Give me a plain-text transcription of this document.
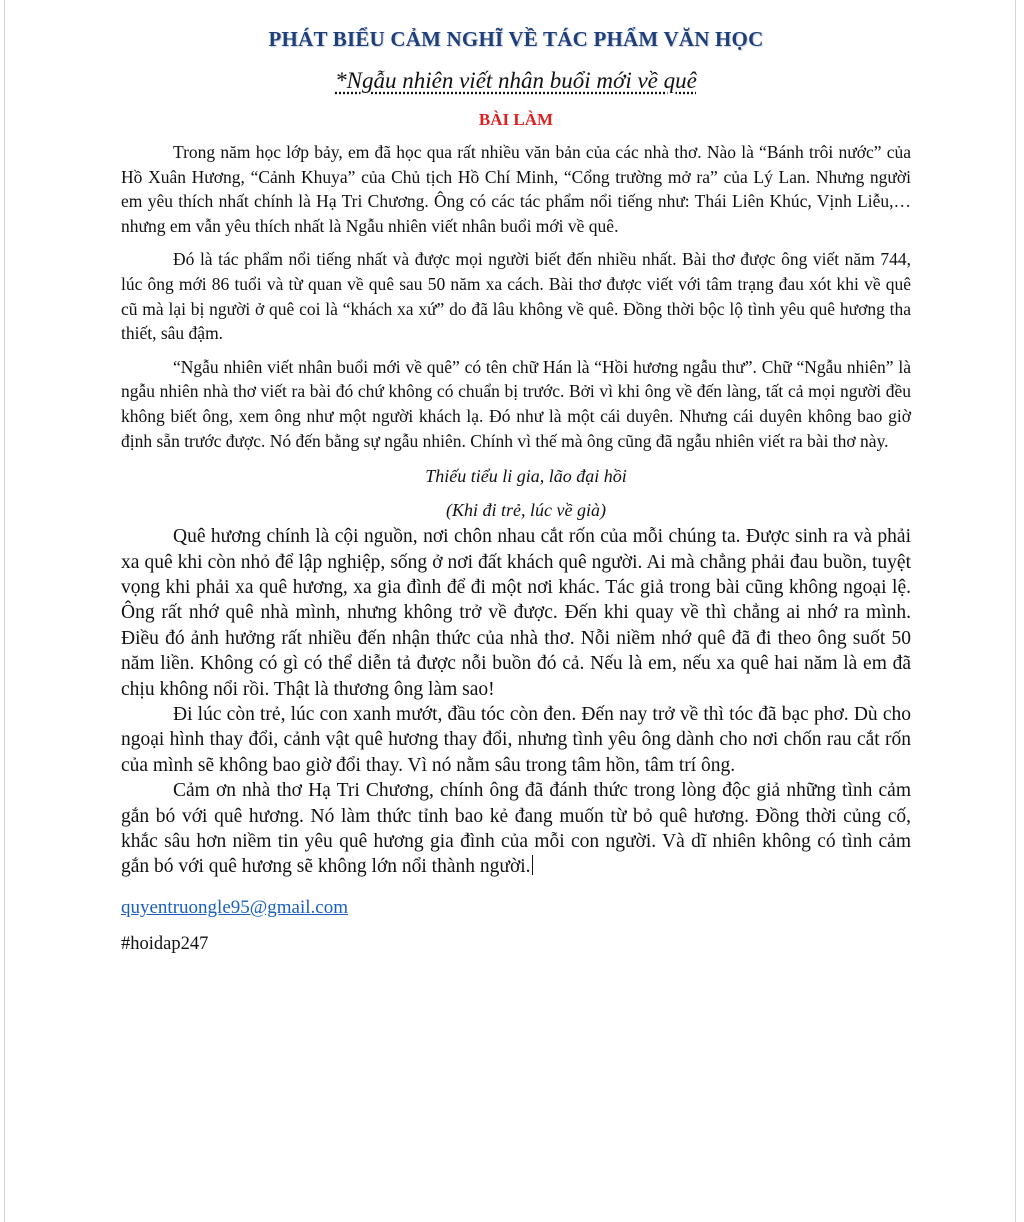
PHÁT BIỂU CẢM NGHĨ VỀ TÁC PHẨM VĂN HỌC
*Ngẫu nhiên viết nhân buổi mới về quê
BÀI LÀM

Trong năm học lớp bảy, em đã học qua rất nhiều văn bản của các nhà thơ. Nào là “Bánh trôi nước” của Hồ Xuân Hương, “Cảnh Khuya” của Chủ tịch Hồ Chí Minh, “Cổng trường mở ra” của Lý Lan. Nhưng người em yêu thích nhất chính là Hạ Tri Chương. Ông có các tác phẩm nổi tiếng như: Thái Liên Khúc, Vịnh Liễu,…nhưng em vẫn yêu thích nhất là Ngẫu nhiên viết nhân buổi mới về quê.

Đó là tác phẩm nổi tiếng nhất và được mọi người biết đến nhiều nhất. Bài thơ được ông viết năm 744, lúc ông mới 86 tuổi và từ quan về quê sau 50 năm xa cách. Bài thơ được viết với tâm trạng đau xót khi về quê cũ mà lại bị người ở quê coi là “khách xa xứ” do đã lâu không về quê. Đồng thời bộc lộ tình yêu quê hương tha thiết, sâu đậm.

“Ngẫu nhiên viết nhân buổi mới về quê” có tên chữ Hán là “Hồi hương ngẫu thư”. Chữ “Ngẫu nhiên” là ngẫu nhiên nhà thơ viết ra bài đó chứ không có chuẩn bị trước. Bởi vì khi ông về đến làng, tất cả mọi người đều không biết ông, xem ông như một người khách lạ. Đó như là một cái duyên. Nhưng cái duyên không bao giờ định sẵn trước được. Nó đến bằng sự ngẫu nhiên. Chính vì thế mà ông cũng đã ngẫu nhiên viết ra bài thơ này.

Thiếu tiểu li gia, lão đại hồi
(Khi đi trẻ, lúc về già)

Quê hương chính là cội nguồn, nơi chôn nhau cắt rốn của mỗi chúng ta. Được sinh ra và phải xa quê khi còn nhỏ để lập nghiệp, sống ở nơi đất khách quê người. Ai mà chẳng phải đau buồn, tuyệt vọng khi phải xa quê hương, xa gia đình để đi một nơi khác. Tác giả trong bài cũng không ngoại lệ. Ông rất nhớ quê nhà mình, nhưng không trở về được. Đến khi quay về thì chẳng ai nhớ ra mình. Điều đó ảnh hưởng rất nhiều đến nhận thức của nhà thơ. Nỗi niềm nhớ quê đã đi theo ông suốt 50 năm liền. Không có gì có thể diễn tả được nỗi buồn đó cả. Nếu là em, nếu xa quê hai năm là em đã chịu không nổi rồi. Thật là thương ông làm sao!

Đi lúc còn trẻ, lúc con xanh mướt, đầu tóc còn đen. Đến nay trở về thì tóc đã bạc phơ. Dù cho ngoại hình thay đổi, cảnh vật quê hương thay đổi, nhưng tình yêu ông dành cho nơi chốn rau cắt rốn của mình sẽ không bao giờ đổi thay. Vì nó nằm sâu trong tâm hồn, tâm trí ông.

Cảm ơn nhà thơ Hạ Tri Chương, chính ông đã đánh thức trong lòng độc giả những tình cảm gắn bó với quê hương. Nó làm thức tỉnh bao kẻ đang muốn từ bỏ quê hương. Đồng thời củng cố, khắc sâu hơn niềm tin yêu quê hương gia đình của mỗi con người. Và dĩ nhiên không có tình cảm gắn bó với quê hương sẽ không lớn nổi thành người.

quyentruongle95@gmail.com

#hoidap247
